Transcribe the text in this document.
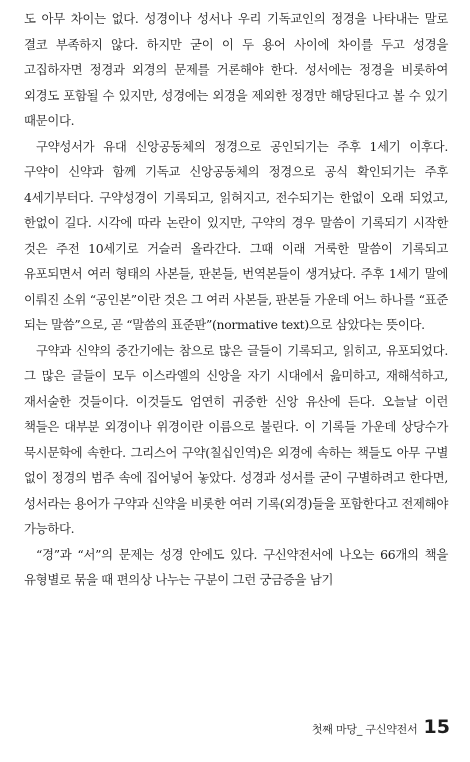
도 아무 차이는 없다. 성경이나 성서나 우리 기독교인의 정경을 나타내는 말로 결코 부족하지 않다. 하지만 굳이 이 두 용어 사이에 차이를 두고 성경을 고집하자면 정경과 외경의 문제를 거론해야 한다. 성서에는 정경을 비롯하여 외경도 포함될 수 있지만, 성경에는 외경을 제외한 정경만 해당된다고 볼 수 있기 때문이다.

구약성서가 유대 신앙공동체의 정경으로 공인되기는 주후 1세기 이후다. 구약이 신약과 함께 기독교 신앙공동체의 정경으로 공식 확인되기는 주후 4세기부터다. 구약성경이 기록되고, 읽혀지고, 전수되기는 한없이 오래 되었고, 한없이 길다. 시각에 따라 논란이 있지만, 구약의 경우 말씀이 기록되기 시작한 것은 주전 10세기로 거슬러 올라간다. 그때 이래 거룩한 말씀이 기록되고 유포되면서 여러 형태의 사본들, 판본들, 번역본들이 생겨났다. 주후 1세기 말에 이뤄진 소위 “공인본”이란 것은 그 여러 사본들, 판본들 가운데 어느 하나를 “표준 되는 말씀”으로, 곧 “말씀의 표준판”(normative text)으로 삼았다는 뜻이다.

구약과 신약의 중간기에는 참으로 많은 글들이 기록되고, 읽히고, 유포되었다. 그 많은 글들이 모두 이스라엘의 신앙을 자기 시대에서 읊미하고, 재해석하고, 재서술한 것들이다. 이것들도 엄연히 귀중한 신앙 유산에 든다. 오늘날 이런 책들은 대부분 외경이나 위경이란 이름으로 불린다. 이 기록들 가운데 상당수가 묵시문학에 속한다. 그리스어 구약(칠십인역)은 외경에 속하는 책들도 아무 구별 없이 정경의 범주 속에 집어넣어 놓았다. 성경과 성서를 굳이 구별하려고 한다면, 성서라는 용어가 구약과 신약을 비롯한 여러 기록(외경)들을 포함한다고 전제해야 가능하다.

“경”과 “서”의 문제는 성경 안에도 있다. 구신약전서에 나오는 66개의 책을 유형별로 묶을 때 편의상 나누는 구분이 그런 궁금증을 남기

첫째 마당_ 구신약전서 15
